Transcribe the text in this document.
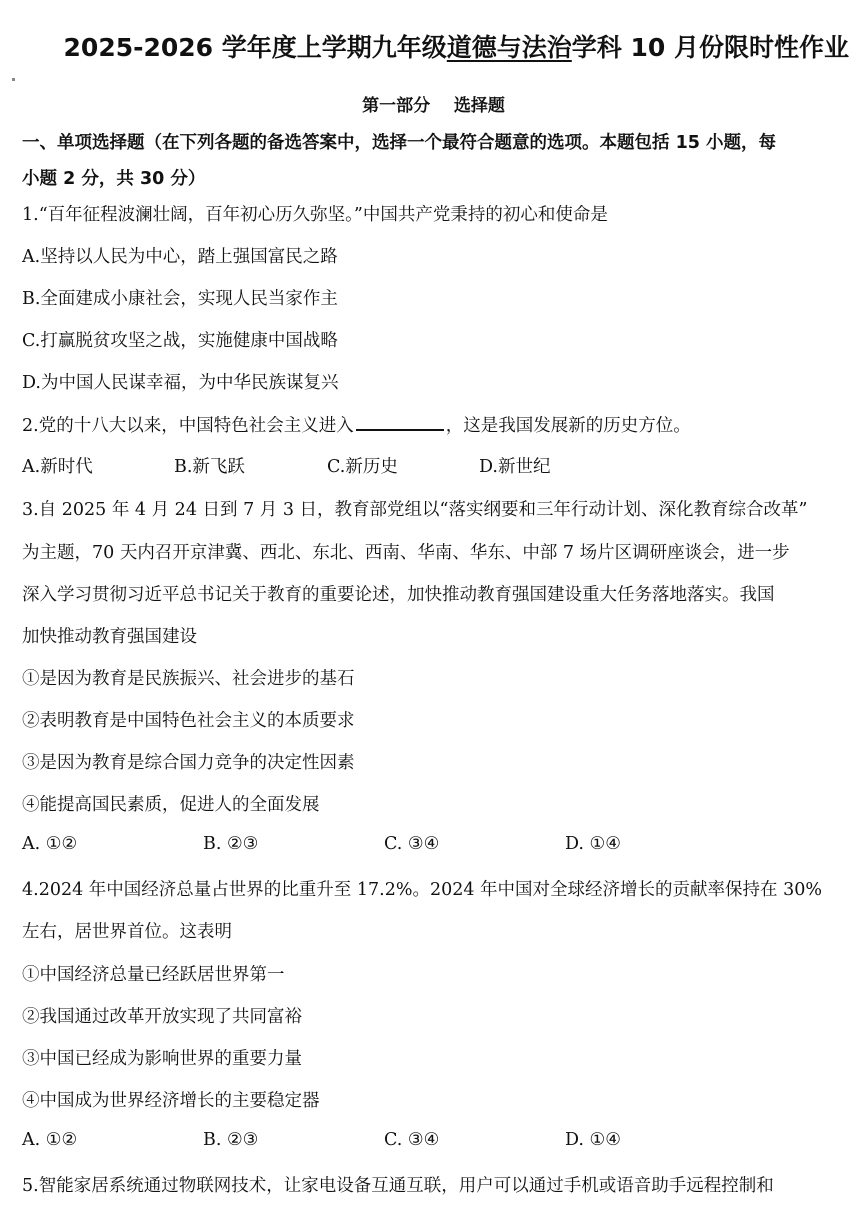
2025-2026 学年度上学期九年级道德与法治学科 10 月份限时性作业
第一部分    选择题
一、单项选择题（在下列各题的备选答案中，选择一个最符合题意的选项。本题包括 15 小题，每
小题 2 分，共 30 分）
1.“百年征程波澜壮阔，百年初心历久弥坚。”中国共产党秉持的初心和使命是
A.坚持以人民为中心，踏上强国富民之路
B.全面建成小康社会，实现人民当家作主
C.打赢脱贫攻坚之战，实施健康中国战略
D.为中国人民谋幸福，为中华民族谋复兴
2.党的十八大以来，中国特色社会主义进入	，这是我国发展新的历史方位。
A.新时代	B.新飞跃	C.新历史	D.新世纪
3.自 2025 年 4 月 24 日到 7 月 3 日，教育部党组以“落实纲要和三年行动计划、深化教育综合改革”
为主题，70 天内召开京津冀、西北、东北、西南、华南、华东、中部 7 场片区调研座谈会，进一步
深入学习贯彻习近平总书记关于教育的重要论述，加快推动教育强国建设重大任务落地落实。我国
加快推动教育强国建设
①是因为教育是民族振兴、社会进步的基石
②表明教育是中国特色社会主义的本质要求
③是因为教育是综合国力竞争的决定性因素
④能提高国民素质，促进人的全面发展
A. ①②	B. ②③	C. ③④	D. ①④
4.2024 年中国经济总量占世界的比重升至 17.2%。2024 年中国对全球经济增长的贡献率保持在 30%
左右，居世界首位。这表明
①中国经济总量已经跃居世界第一
②我国通过改革开放实现了共同富裕
③中国已经成为影响世界的重要力量
④中国成为世界经济增长的主要稳定器
A. ①②	B. ②③	C. ③④	D. ①④
5.智能家居系统通过物联网技术，让家电设备互通互联，用户可以通过手机或语音助手远程控制和
